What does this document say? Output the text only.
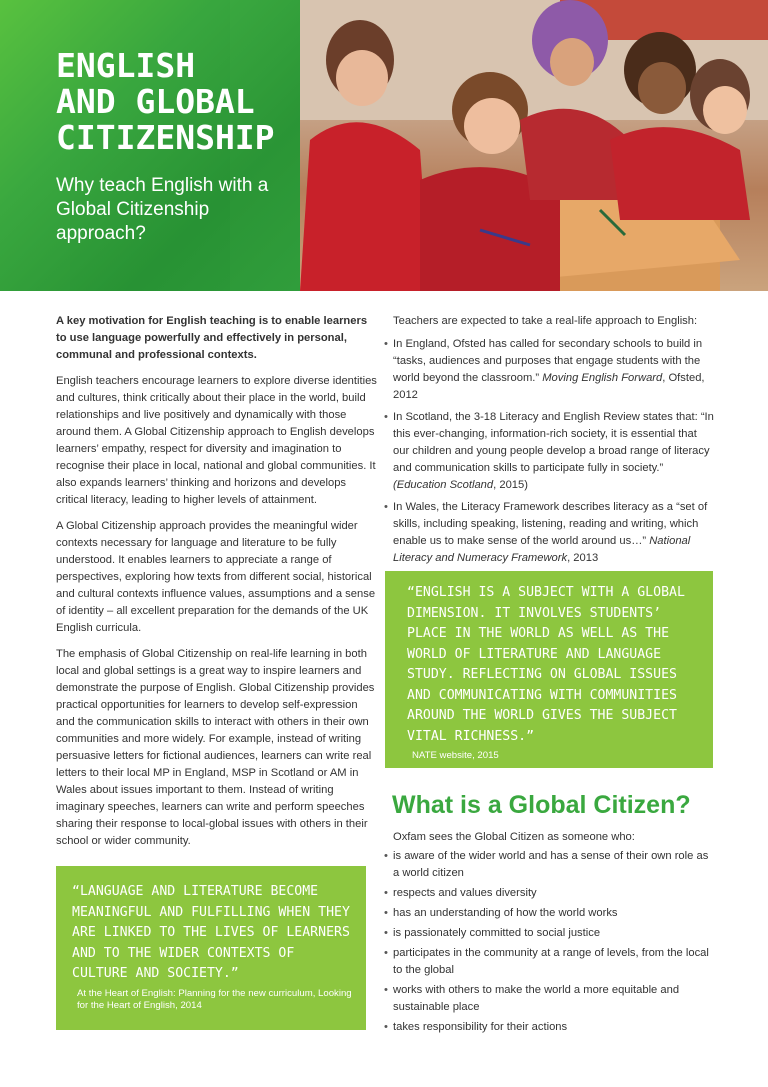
ENGLISH
AND GLOBAL
CITIZENSHIP
Why teach English with a Global Citizenship approach?

A key motivation for English teaching is to enable learners to use language powerfully and effectively in personal, communal and professional contexts.

English teachers encourage learners to explore diverse identities and cultures, think critically about their place in the world, build relationships and live positively and dynamically with those around them. A Global Citizenship approach to English develops learners’ empathy, respect for diversity and imagination to recognise their place in local, national and global communities. It also expands learners’ thinking and horizons and develops critical literacy, leading to higher levels of attainment.

A Global Citizenship approach provides the meaningful wider contexts necessary for language and literature to be fully understood. It enables learners to appreciate a range of perspectives, exploring how texts from different social, historical and cultural contexts influence values, assumptions and a sense of identity – all excellent preparation for the demands of the UK English curricula.

The emphasis of Global Citizenship on real-life learning in both local and global settings is a great way to inspire learners and demonstrate the purpose of English. Global Citizenship provides practical opportunities for learners to develop self-expression and the communication skills to interact with others in their own communities and more widely. For example, instead of writing persuasive letters for fictional audiences, learners can write real letters to their local MP in England, MSP in Scotland or AM in Wales about issues important to them. Instead of writing imaginary speeches, learners can write and perform speeches sharing their response to local-global issues with others in their school or wider community.

Teachers are expected to take a real-life approach to English:
• In England, Ofsted has called for secondary schools to build in “tasks, audiences and purposes that engage students with the world beyond the classroom.” Moving English Forward, Ofsted, 2012
• In Scotland, the 3-18 Literacy and English Review states that: “In this ever-changing, information-rich society, it is essential that our children and young people develop a broad range of literacy and communication skills to participate fully in society.” (Education Scotland, 2015)
• In Wales, the Literacy Framework describes literacy as a “set of skills, including speaking, listening, reading and writing, which enable us to make sense of the world around us…” National Literacy and Numeracy Framework, 2013
“ENGLISH IS A SUBJECT WITH A GLOBAL DIMENSION. IT INVOLVES STUDENTS’ PLACE IN THE WORLD AS WELL AS THE WORLD OF LITERATURE AND LANGUAGE STUDY. REFLECTING ON GLOBAL ISSUES AND COMMUNICATING WITH COMMUNITIES AROUND THE WORLD GIVES THE SUBJECT VITAL RICHNESS.”
NATE website, 2015
What is a Global Citizen?
Oxfam sees the Global Citizen as someone who:
• is aware of the wider world and has a sense of their own role as a world citizen
• respects and values diversity
• has an understanding of how the world works
• is passionately committed to social justice
• participates in the community at a range of levels, from the local to the global
• works with others to make the world a more equitable and sustainable place
• takes responsibility for their actions
“LANGUAGE AND LITERATURE BECOME MEANINGFUL AND FULFILLING WHEN THEY ARE LINKED TO THE LIVES OF LEARNERS AND TO THE WIDER CONTEXTS OF CULTURE AND SOCIETY.”
At the Heart of English: Planning for the new curriculum, Looking for the Heart of English, 2014
